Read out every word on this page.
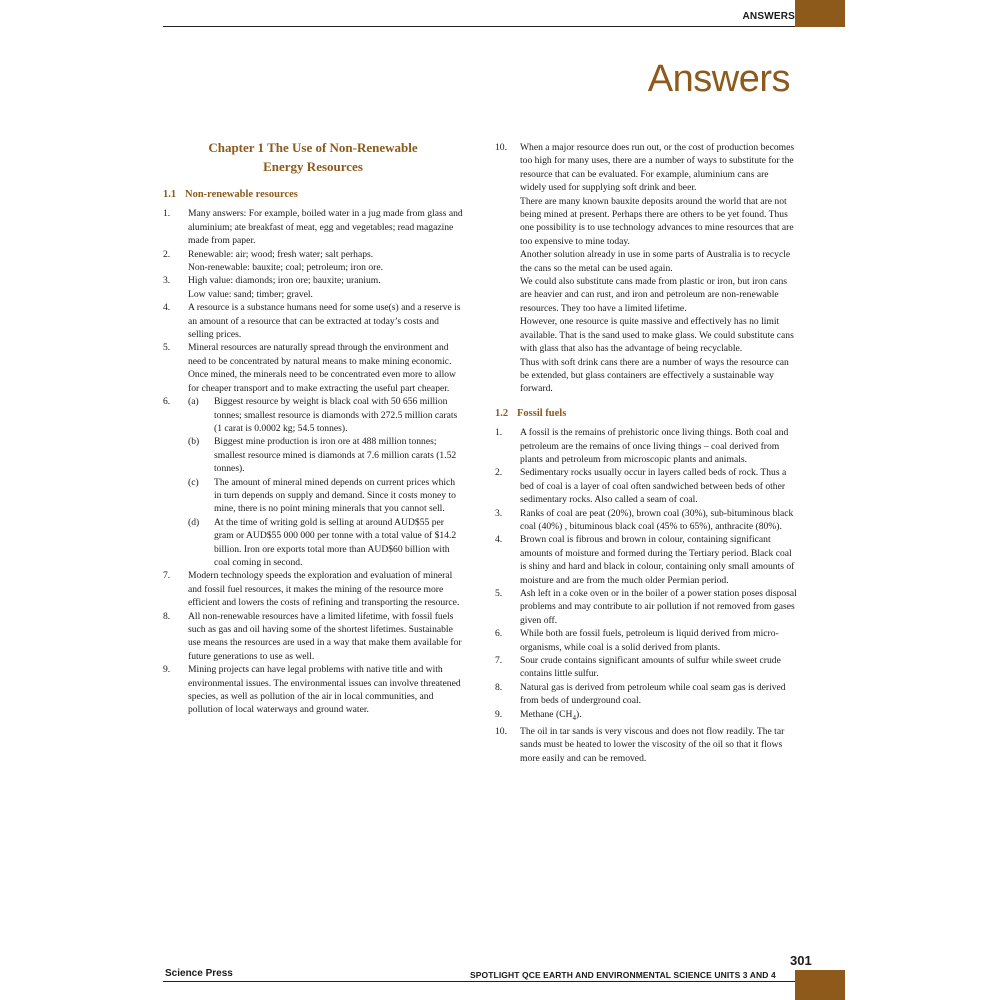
ANSWERS
Answers
Chapter 1 The Use of Non-Renewable
Energy Resources
1.1 Non-renewable resources
1.	Many answers: For example, boiled water in a jug made from glass and aluminium; ate breakfast of meat, egg and vegetables; read magazine made from paper.
2.	Renewable: air; wood; fresh water; salt perhaps.
Non-renewable: bauxite; coal; petroleum; iron ore.
3.	High value: diamonds; iron ore; bauxite; uranium.
Low value: sand; timber; gravel.
4.	A resource is a substance humans need for some use(s) and a reserve is an amount of a resource that can be extracted at today’s costs and selling prices.
5.	Mineral resources are naturally spread through the environment and need to be concentrated by natural means to make mining economic. Once mined, the minerals need to be concentrated even more to allow for cheaper transport and to make extracting the useful part cheaper.
6.	(a)	Biggest resource by weight is black coal with 50 656 million tonnes; smallest resource is diamonds with 272.5 million carats (1 carat is 0.0002 kg; 54.5 tonnes).
(b)	Biggest mine production is iron ore at 488 million tonnes; smallest resource mined is diamonds at 7.6 million carats (1.52 tonnes).
(c)	The amount of mineral mined depends on current prices which in turn depends on supply and demand. Since it costs money to mine, there is no point mining minerals that you cannot sell.
(d)	At the time of writing gold is selling at around AUD$55 per gram or AUD$55 000 000 per tonne with a total value of $14.2 billion. Iron ore exports total more than AUD$60 billion with coal coming in second.
7.	Modern technology speeds the exploration and evaluation of mineral and fossil fuel resources, it makes the mining of the resource more efficient and lowers the costs of refining and transporting the resource.
8.	All non-renewable resources have a limited lifetime, with fossil fuels such as gas and oil having some of the shortest lifetimes. Sustainable use means the resources are used in a way that make them available for future generations to use as well.
9.	Mining projects can have legal problems with native title and with environmental issues. The environmental issues can involve threatened species, as well as pollution of the air in local communities, and pollution of local waterways and ground water.
10.	When a major resource does run out, or the cost of production becomes too high for many uses, there are a number of ways to substitute for the resource that can be evaluated. For example, aluminium cans are widely used for supplying soft drink and beer.
There are many known bauxite deposits around the world that are not being mined at present. Perhaps there are others to be yet found. Thus one possibility is to use technology advances to mine resources that are too expensive to mine today.
Another solution already in use in some parts of Australia is to recycle the cans so the metal can be used again.
We could also substitute cans made from plastic or iron, but iron cans are heavier and can rust, and iron and petroleum are non-renewable resources. They too have a limited lifetime.
However, one resource is quite massive and effectively has no limit available. That is the sand used to make glass. We could substitute cans with glass that also has the advantage of being recyclable.
Thus with soft drink cans there are a number of ways the resource can be extended, but glass containers are effectively a sustainable way forward.
1.2 Fossil fuels
1.	A fossil is the remains of prehistoric once living things. Both coal and petroleum are the remains of once living things – coal derived from plants and petroleum from microscopic plants and animals.
2.	Sedimentary rocks usually occur in layers called beds of rock. Thus a bed of coal is a layer of coal often sandwiched between beds of other sedimentary rocks. Also called a seam of coal.
3.	Ranks of coal are peat (20%), brown coal (30%), sub-bituminous black coal (40%) , bituminous black coal (45% to 65%), anthracite (80%).
4.	Brown coal is fibrous and brown in colour, containing significant amounts of moisture and formed during the Tertiary period. Black coal is shiny and hard and black in colour, containing only small amounts of moisture and are from the much older Permian period.
5.	Ash left in a coke oven or in the boiler of a power station poses disposal problems and may contribute to air pollution if not removed from gases given off.
6.	While both are fossil fuels, petroleum is liquid derived from micro-organisms, while coal is a solid derived from plants.
7.	Sour crude contains significant amounts of sulfur while sweet crude contains little sulfur.
8.	Natural gas is derived from petroleum while coal seam gas is derived from beds of underground coal.
9.	Methane $(CH_4)$.
10.	The oil in tar sands is very viscous and does not flow readily. The tar sands must be heated to lower the viscosity of the oil so that it flows more easily and can be removed.
301
Science Press	SPOTLIGHT QCE EARTH AND ENVIRONMENTAL SCIENCE UNITS 3 AND 4
